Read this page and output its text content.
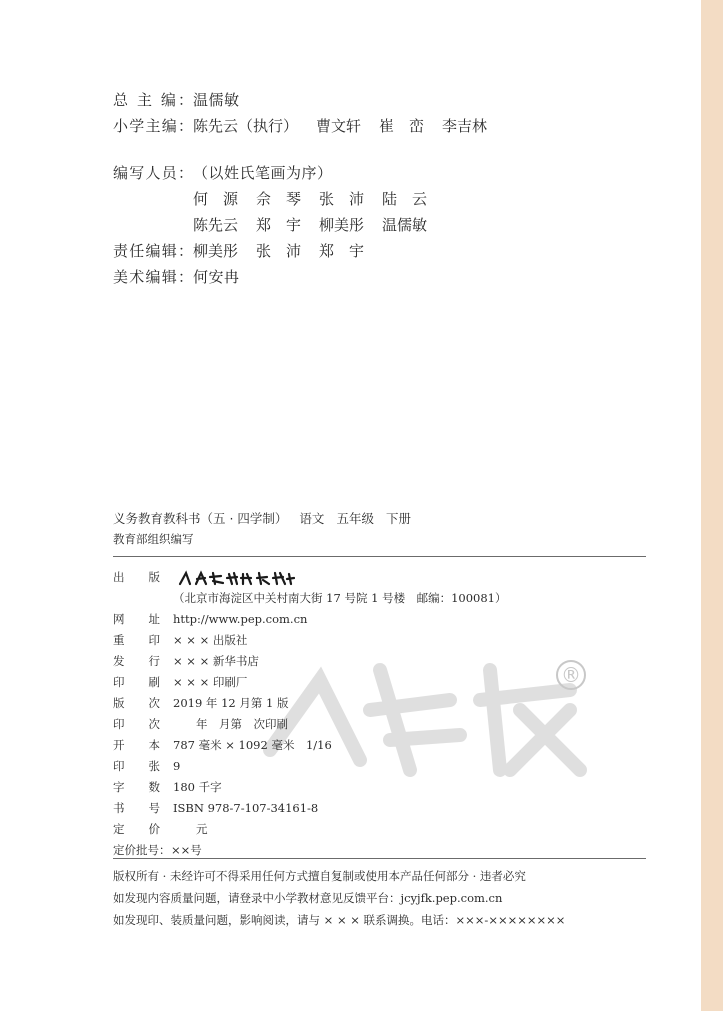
®
总 主 编：温儒敏
小学主编：陈先云（执行） 曹文轩 崔　峦 李吉林
编写人员：（以姓氏笔画为序）
何　源 佘　琴 张　沛 陆　云
陈先云 郑　宇 柳美彤 温儒敏
责任编辑：柳美彤 张　沛 郑　宇
美术编辑：何安冉
义务教育教科书（五 · 四学制） 语文 五年级 下册
教育部组织编写
出　版
（北京市海淀区中关村南大街 17 号院 1 号楼　邮编：100081）
网　址 http://www.pep.com.cn
重　印 × × × 出版社
发　行 × × × 新华书店
印　刷 × × × 印刷厂
版　次 2019 年 12 月第 1 版
印　次　　年　月第　次印刷
开　本 787 毫米 × 1092 毫米　1/16
印　张 9
字　数 180 千字
书　号 ISBN 978-7-107-34161-8
定　价　　元
定价批号：××号
版权所有 · 未经许可不得采用任何方式擅自复制或使用本产品任何部分 · 违者必究
如发现内容质量问题，请登录中小学教材意见反馈平台：jcyjfk.pep.com.cn
如发现印、装质量问题，影响阅读，请与 × × × 联系调换。电话：×××-××××××××
